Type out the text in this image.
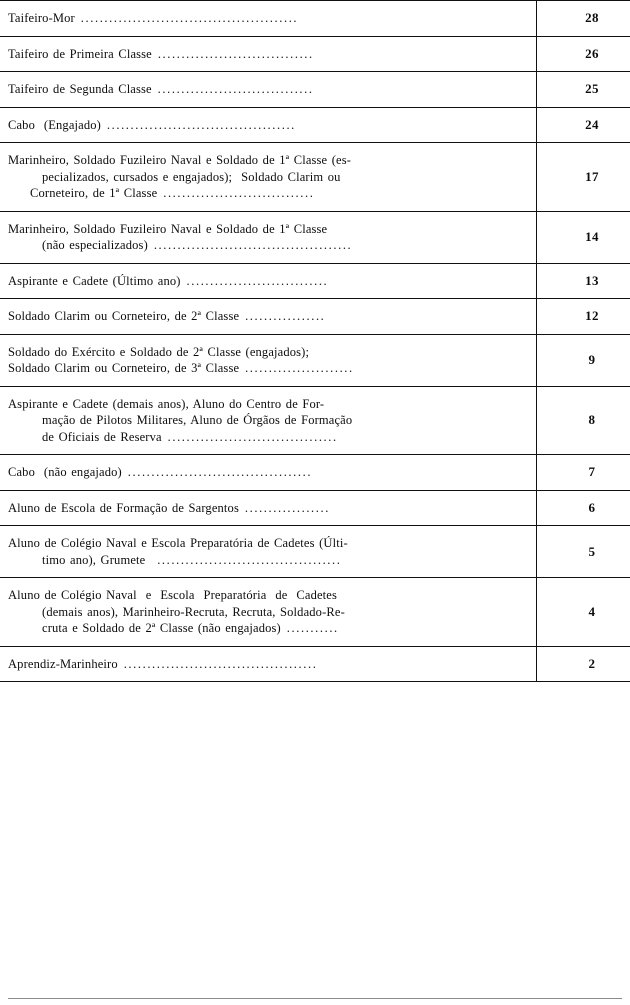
Taifeiro-Mor ..............................................	28

Taifeiro de Primeira Classe .................................	26

Taifeiro de Segunda Classe .................................	25

Cabo  (Engajado) ........................................	24

Marinheiro, Soldado Fuzileiro Naval e Soldado de 1ª Classe (es-
pecializados, cursados e engajados);  Soldado Clarim ou
Corneteiro, de 1ª Classe ................................	17

Marinheiro, Soldado Fuzileiro Naval e Soldado de 1ª Classe
(não especializados) ..........................................	14

Aspirante e Cadete (Último ano) ..............................	13

Soldado Clarim ou Corneteiro, de 2ª Classe .................	12

Soldado do Exército e Soldado de 2ª Classe (engajados);
Soldado Clarim ou Corneteiro, de 3ª Classe .......................	9

Aspirante e Cadete (demais anos), Aluno do Centro de For-
mação de Pilotos Militares, Aluno de Órgãos de Formação
de Oficiais de Reserva ....................................	8

Cabo  (não engajado) .......................................	7

Aluno de Escola de Formação de Sargentos ..................	6

Aluno de Colégio Naval e Escola Preparatória de Cadetes (Últi-
timo ano), Grumete  .......................................	5

Aluno de Colégio Naval  e  Escola  Preparatória  de  Cadetes
(demais anos), Marinheiro-Recruta, Recruta, Soldado-Re-
cruta e Soldado de 2ª Classe (não engajados) ...........	4

Aprendiz-Marinheiro .........................................	2
